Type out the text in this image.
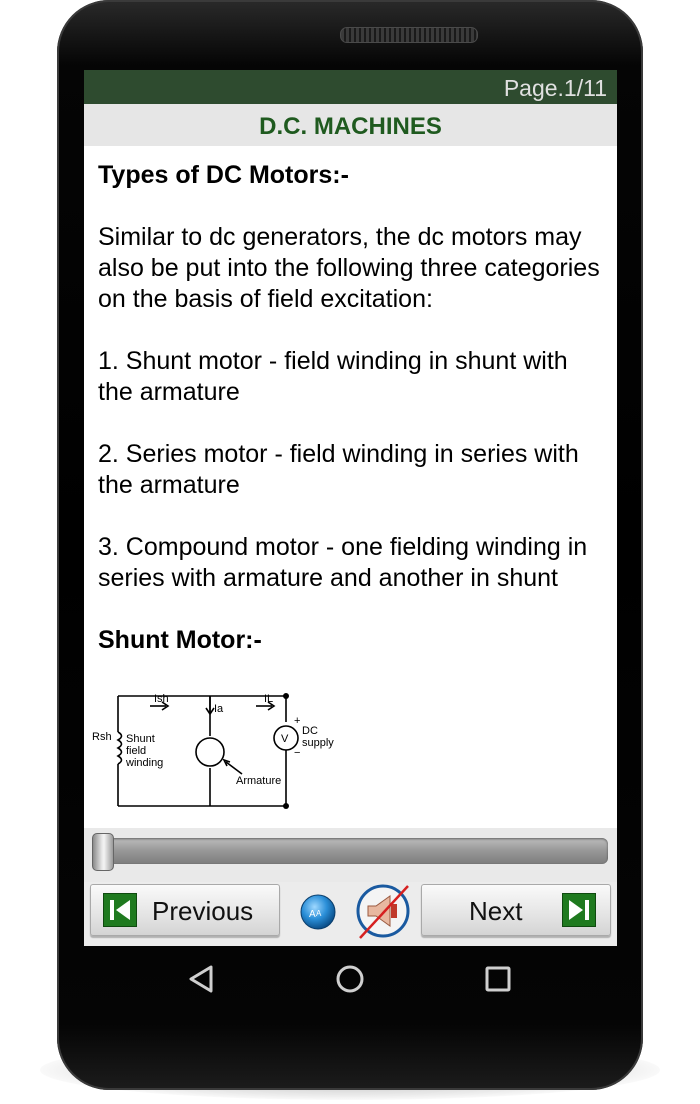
Page.1/11
D.C. MACHINES
Types of DC Motors:-

Similar to dc generators, the dc motors may also be put into the following three categories on the basis of field excitation:

1. Shunt motor - field winding in shunt with the armature

2. Series motor - field winding in series with the armature

3. Compound motor - one fielding winding in series with armature and another in shunt

Shunt Motor:-
Ish
Ia
IL
Rsh Shunt
field
winding
Armature
V
DC
supply
+
−
Previous	A A	Next
